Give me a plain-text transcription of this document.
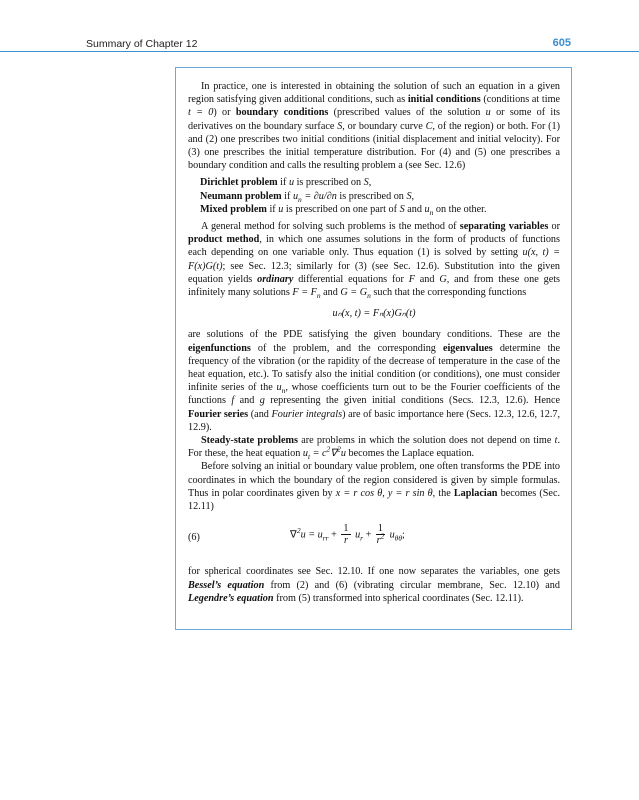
Summary of Chapter 12	605

In practice, one is interested in obtaining the solution of such an equation in a given region satisfying given additional conditions, such as initial conditions (conditions at time t = 0) or boundary conditions (prescribed values of the solution u or some of its derivatives on the boundary surface S, or boundary curve C, of the region) or both. For (1) and (2) one prescribes two initial conditions (initial displacement and initial velocity). For (3) one prescribes the initial temperature distribution. For (4) and (5) one prescribes a boundary condition and calls the resulting problem a (see Sec. 12.6)

Dirichlet problem if u is prescribed on S,
Neumann problem if $u_n = \partial u/\partial n$ is prescribed on S,
Mixed problem if u is prescribed on one part of S and $u_n$ on the other.

A general method for solving such problems is the method of separating variables or product method, in which one assumes solutions in the form of products of functions each depending on one variable only. Thus equation (1) is solved by setting u(x, t) = F(x)G(t); see Sec. 12.3; similarly for (3) (see Sec. 12.6). Substitution into the given equation yields ordinary differential equations for F and G, and from these one gets infinitely many solutions $F = F_n$ and $G = G_n$ such that the corresponding functions

uₙ(x, t) = Fₙ(x)Gₙ(t)

are solutions of the PDE satisfying the given boundary conditions. These are the eigenfunctions of the problem, and the corresponding eigenvalues determine the frequency of the vibration (or the rapidity of the decrease of temperature in the case of the heat equation, etc.). To satisfy also the initial condition (or conditions), one must consider infinite series of the $u_n$, whose coefficients turn out to be the Fourier coefficients of the functions f and g representing the given initial conditions (Secs. 12.3, 12.6). Hence Fourier series (and Fourier integrals) are of basic importance here (Secs. 12.3, 12.6, 12.7, 12.9).

Steady-state problems are problems in which the solution does not depend on time t. For these, the heat equation $u_t = c^2\nabla^2u$ becomes the Laplace equation.

Before solving an initial or boundary value problem, one often transforms the PDE into coordinates in which the boundary of the region considered is given by simple formulas. Thus in polar coordinates given by x = r cos θ, y = r sin θ, the Laplacian becomes (Sec. 12.11)

(6)	$\nabla^2u = u_{rr} + \frac{1}{r} u_r + \frac{1}{r^2} u_{\theta\theta}$;

for spherical coordinates see Sec. 12.10. If one now separates the variables, one gets Bessel’s equation from (2) and (6) (vibrating circular membrane, Sec. 12.10) and Legendre’s equation from (5) transformed into spherical coordinates (Sec. 12.11).
